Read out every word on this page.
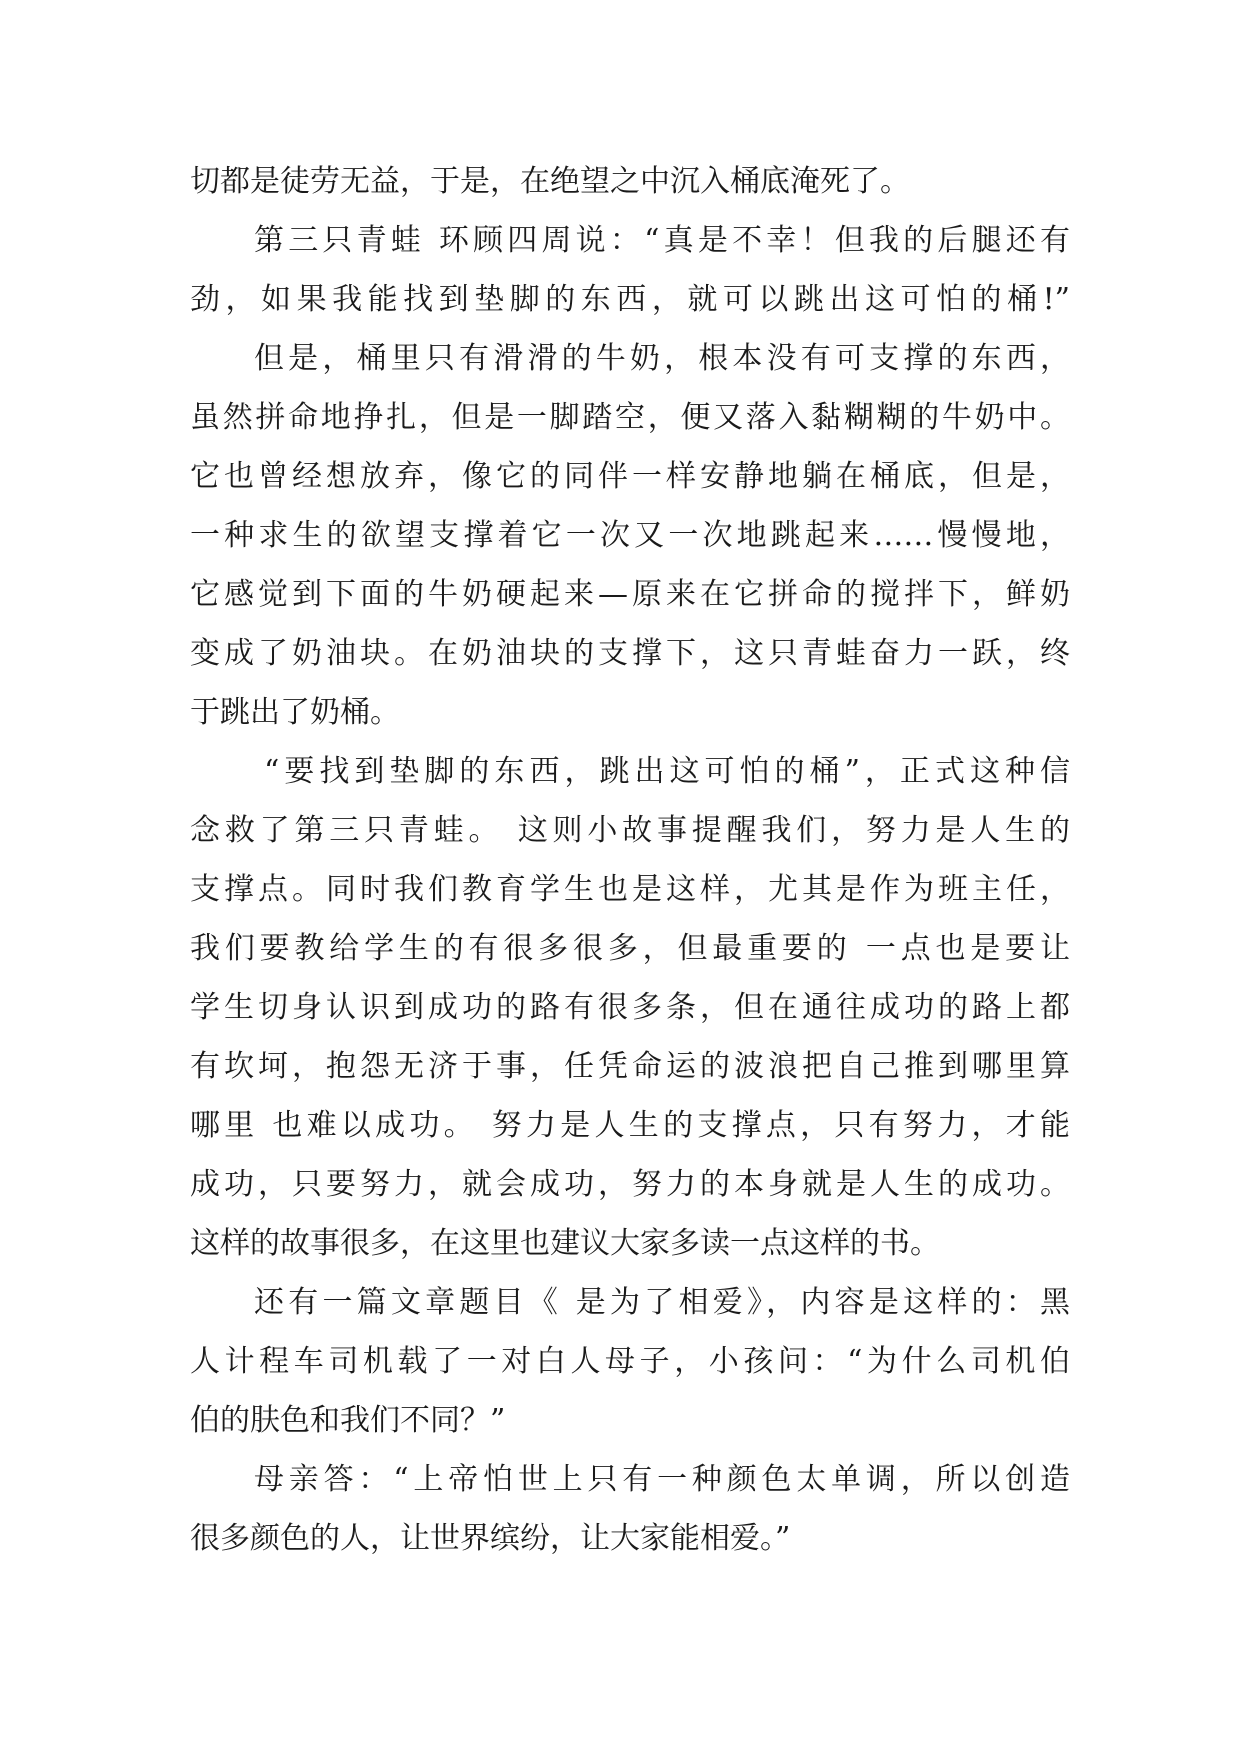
切都是徒劳无益，于是，在绝望之中沉入桶底淹死了。
第三只青蛙 环顾四周说：“真是不幸！但我的后腿还有
劲，如果我能找到垫脚的东西，就可以跳出这可怕的桶!”
但是，桶里只有滑滑的牛奶，根本没有可支撑的东西，
虽然拼命地挣扎，但是一脚踏空，便又落入黏糊糊的牛奶中。
它也曾经想放弃，像它的同伴一样安静地躺在桶底，但是，
一种求生的欲望支撑着它一次又一次地跳起来……慢慢地，
它感觉到下面的牛奶硬起来—原来在它拼命的搅拌下，鲜奶
变成了奶油块。在奶油块的支撑下，这只青蛙奋力一跃，终
于跳出了奶桶。
“要找到垫脚的东西，跳出这可怕的桶”，正式这种信
念救了第三只青蛙。 这则小故事提醒我们，努力是人生的
支撑点。同时我们教育学生也是这样，尤其是作为班主任，
我们要教给学生的有很多很多，但最重要的 一点也是要让
学生切身认识到成功的路有很多条，但在通往成功的路上都
有坎坷，抱怨无济于事，任凭命运的波浪把自己推到哪里算
哪里 也难以成功。 努力是人生的支撑点，只有努力，才能
成功，只要努力，就会成功，努力的本身就是人生的成功。
这样的故事很多，在这里也建议大家多读一点这样的书。
还有一篇文章题目《 是为了相爱》，内容是这样的：黑
人计程车司机载了一对白人母子，小孩问：“为什么司机伯
伯的肤色和我们不同？”
母亲答：“上帝怕世上只有一种颜色太单调，所以创造
很多颜色的人，让世界缤纷，让大家能相爱。”
